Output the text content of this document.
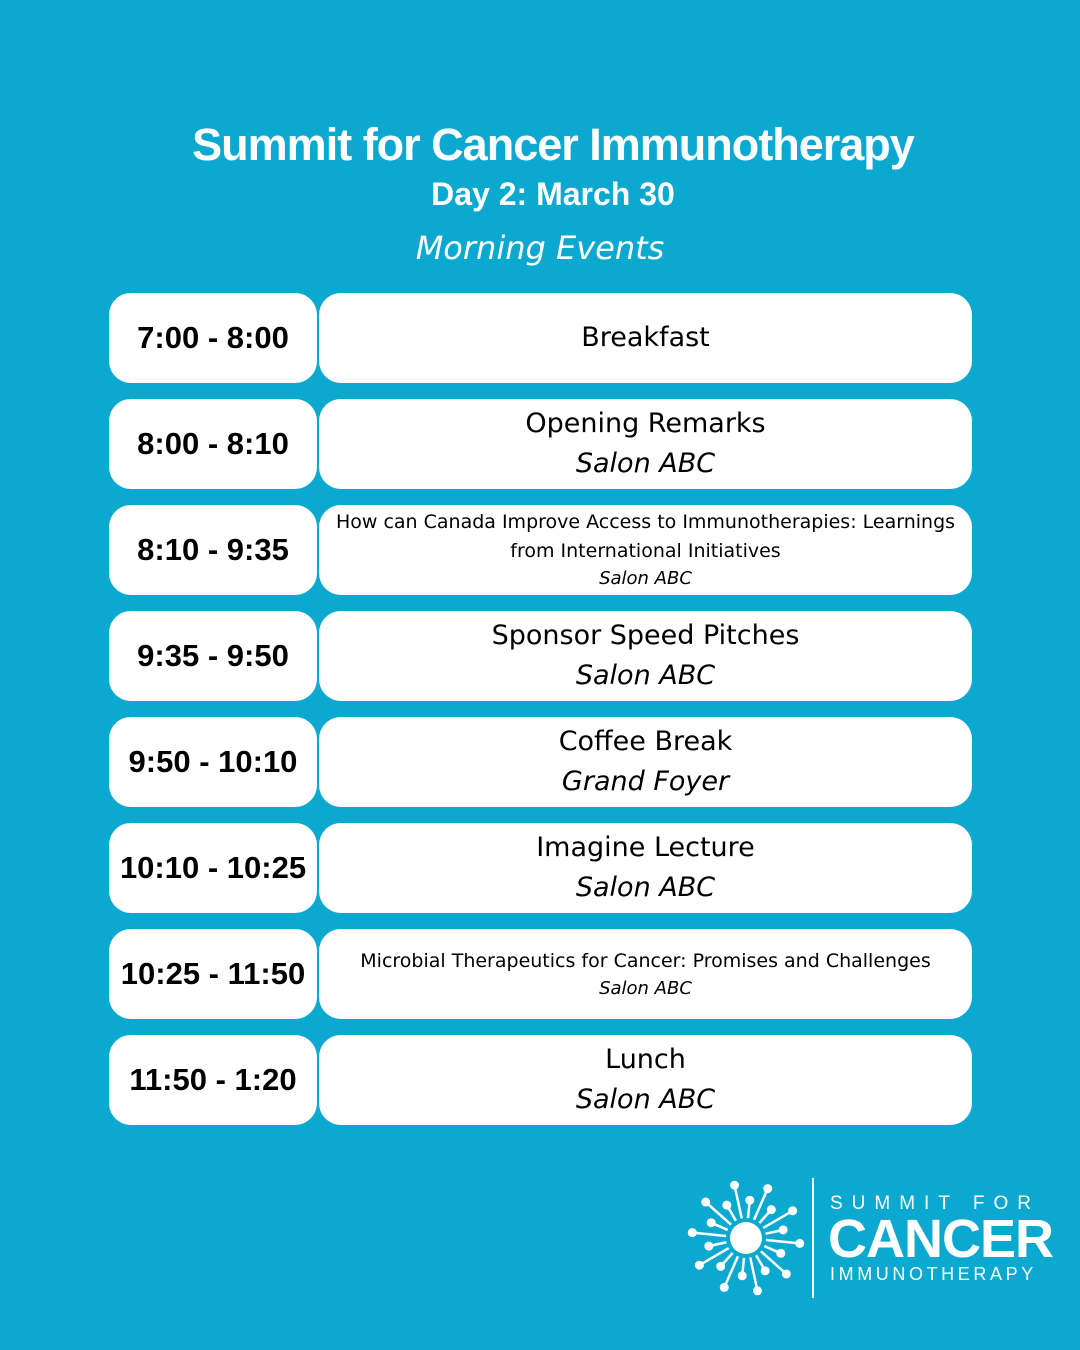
Summit for Cancer Immunotherapy
Day 2: March 30
Morning Events
7:00 - 8:00	Breakfast
8:00 - 8:10
Opening Remarks
Salon ABC
8:10 - 9:35
How can Canada Improve Access to Immunotherapies: Learnings from International Initiatives
Salon ABC
9:35 - 9:50
Sponsor Speed Pitches
Salon ABC
9:50 - 10:10
Coffee Break
Grand Foyer
10:10 - 10:25
Imagine Lecture
Salon ABC
10:25 - 11:50	Microbial Therapeutics for Cancer: Promises and Challenges
Salon ABC
11:50 - 1:20
Lunch
Salon ABC
SUMMIT FOR
CANCER
IMMUNOTHERAPY
